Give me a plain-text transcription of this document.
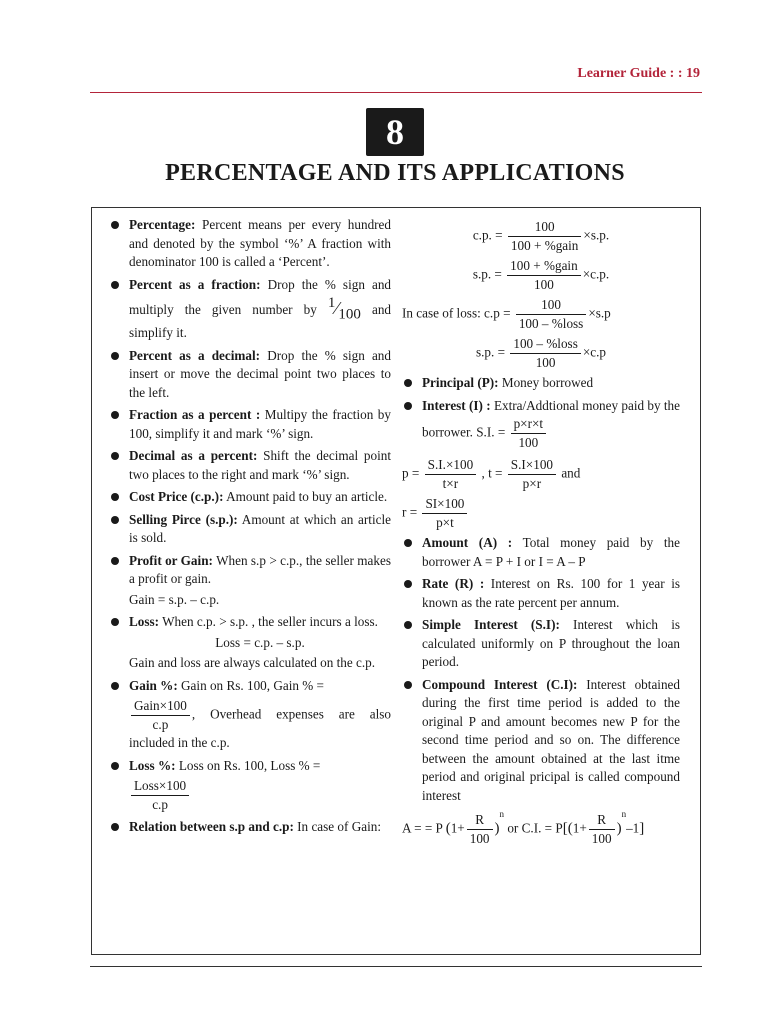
Learner Guide : : 19
8
PERCENTAGE AND ITS APPLICATIONS
Percentage: Percent means per every hundred and denoted by the symbol ‘%’ A fraction with denominator 100 is called a ‘Percent’.
Percent as a fraction: Drop the % sign and multiply the given number by $^1⁄_{100}$ and simplify it.
Percent as a decimal: Drop the % sign and insert or move the decimal point two places to the left.
Fraction as a percent : Multipy the fraction by 100, simplify it and mark ‘%’ sign.
Decimal as a percent: Shift the decimal point two places to the right and mark ‘%’ sign.
Cost Price (c.p.): Amount paid to buy an article.
Selling Pirce (s.p.): Amount at which an article is sold.
Profit or Gain: When s.p > c.p., the seller makes a profit or gain.
Gain = s.p. – c.p.
Loss: When c.p. > s.p. , the seller incurs a loss.
Loss = c.p. – s.p.
Gain and loss are always calculated on the c.p.
Gain %: Gain on Rs. 100, Gain % =
$\frac{\text{Gain×100}}{c.p}$ , Overhead expenses are also included in the c.p.
Loss %: Loss on Rs. 100, Loss % =
$\frac{\text{Loss×100}}{c.p}$
Relation between s.p and c.p: In case of Gain:
c.p. = $\frac{100}{\text{100 + \%gain}} \times s.p$.
s.p. = $\frac{\text{100 + \%gain}}{100} \times c.p$.
In case of loss: $c.p = \frac{100}{\text{100 – \%loss}} \times s.p$
s.p. = $\frac{\text{100 – \%loss}}{100} \times c.p$
Principal (P): Money borrowed
Interest (I) : Extra/Addtional money paid by the borrower. S.I. = $\frac{p\times r\times t}{100}$
$p = \frac{S.I.\times 100}{t\times r}$ , $t = \frac{S.I\times 100}{p\times r}$ and
$r = \frac{SI\times 100}{p\times t}$
Amount (A) : Total money paid by the borrower A = P + I or I = A – P
Rate (R) : Interest on Rs. 100 for 1 year is known as the rate percent per annum.
Simple Interest (S.I): Interest which is calculated uniformly on P throughout the loan period.
Compound Interest (C.I): Interest obtained during the first time period is added to the original P and amount becomes new P for the second time period and so on. The difference between the amount obtained at the last itme period and original pricipal is called compound interest
A = = P $(1+ \frac{R}{100} )^n$ or C.I. = $P[(1+ \frac{R}{100} )^n-1]$
